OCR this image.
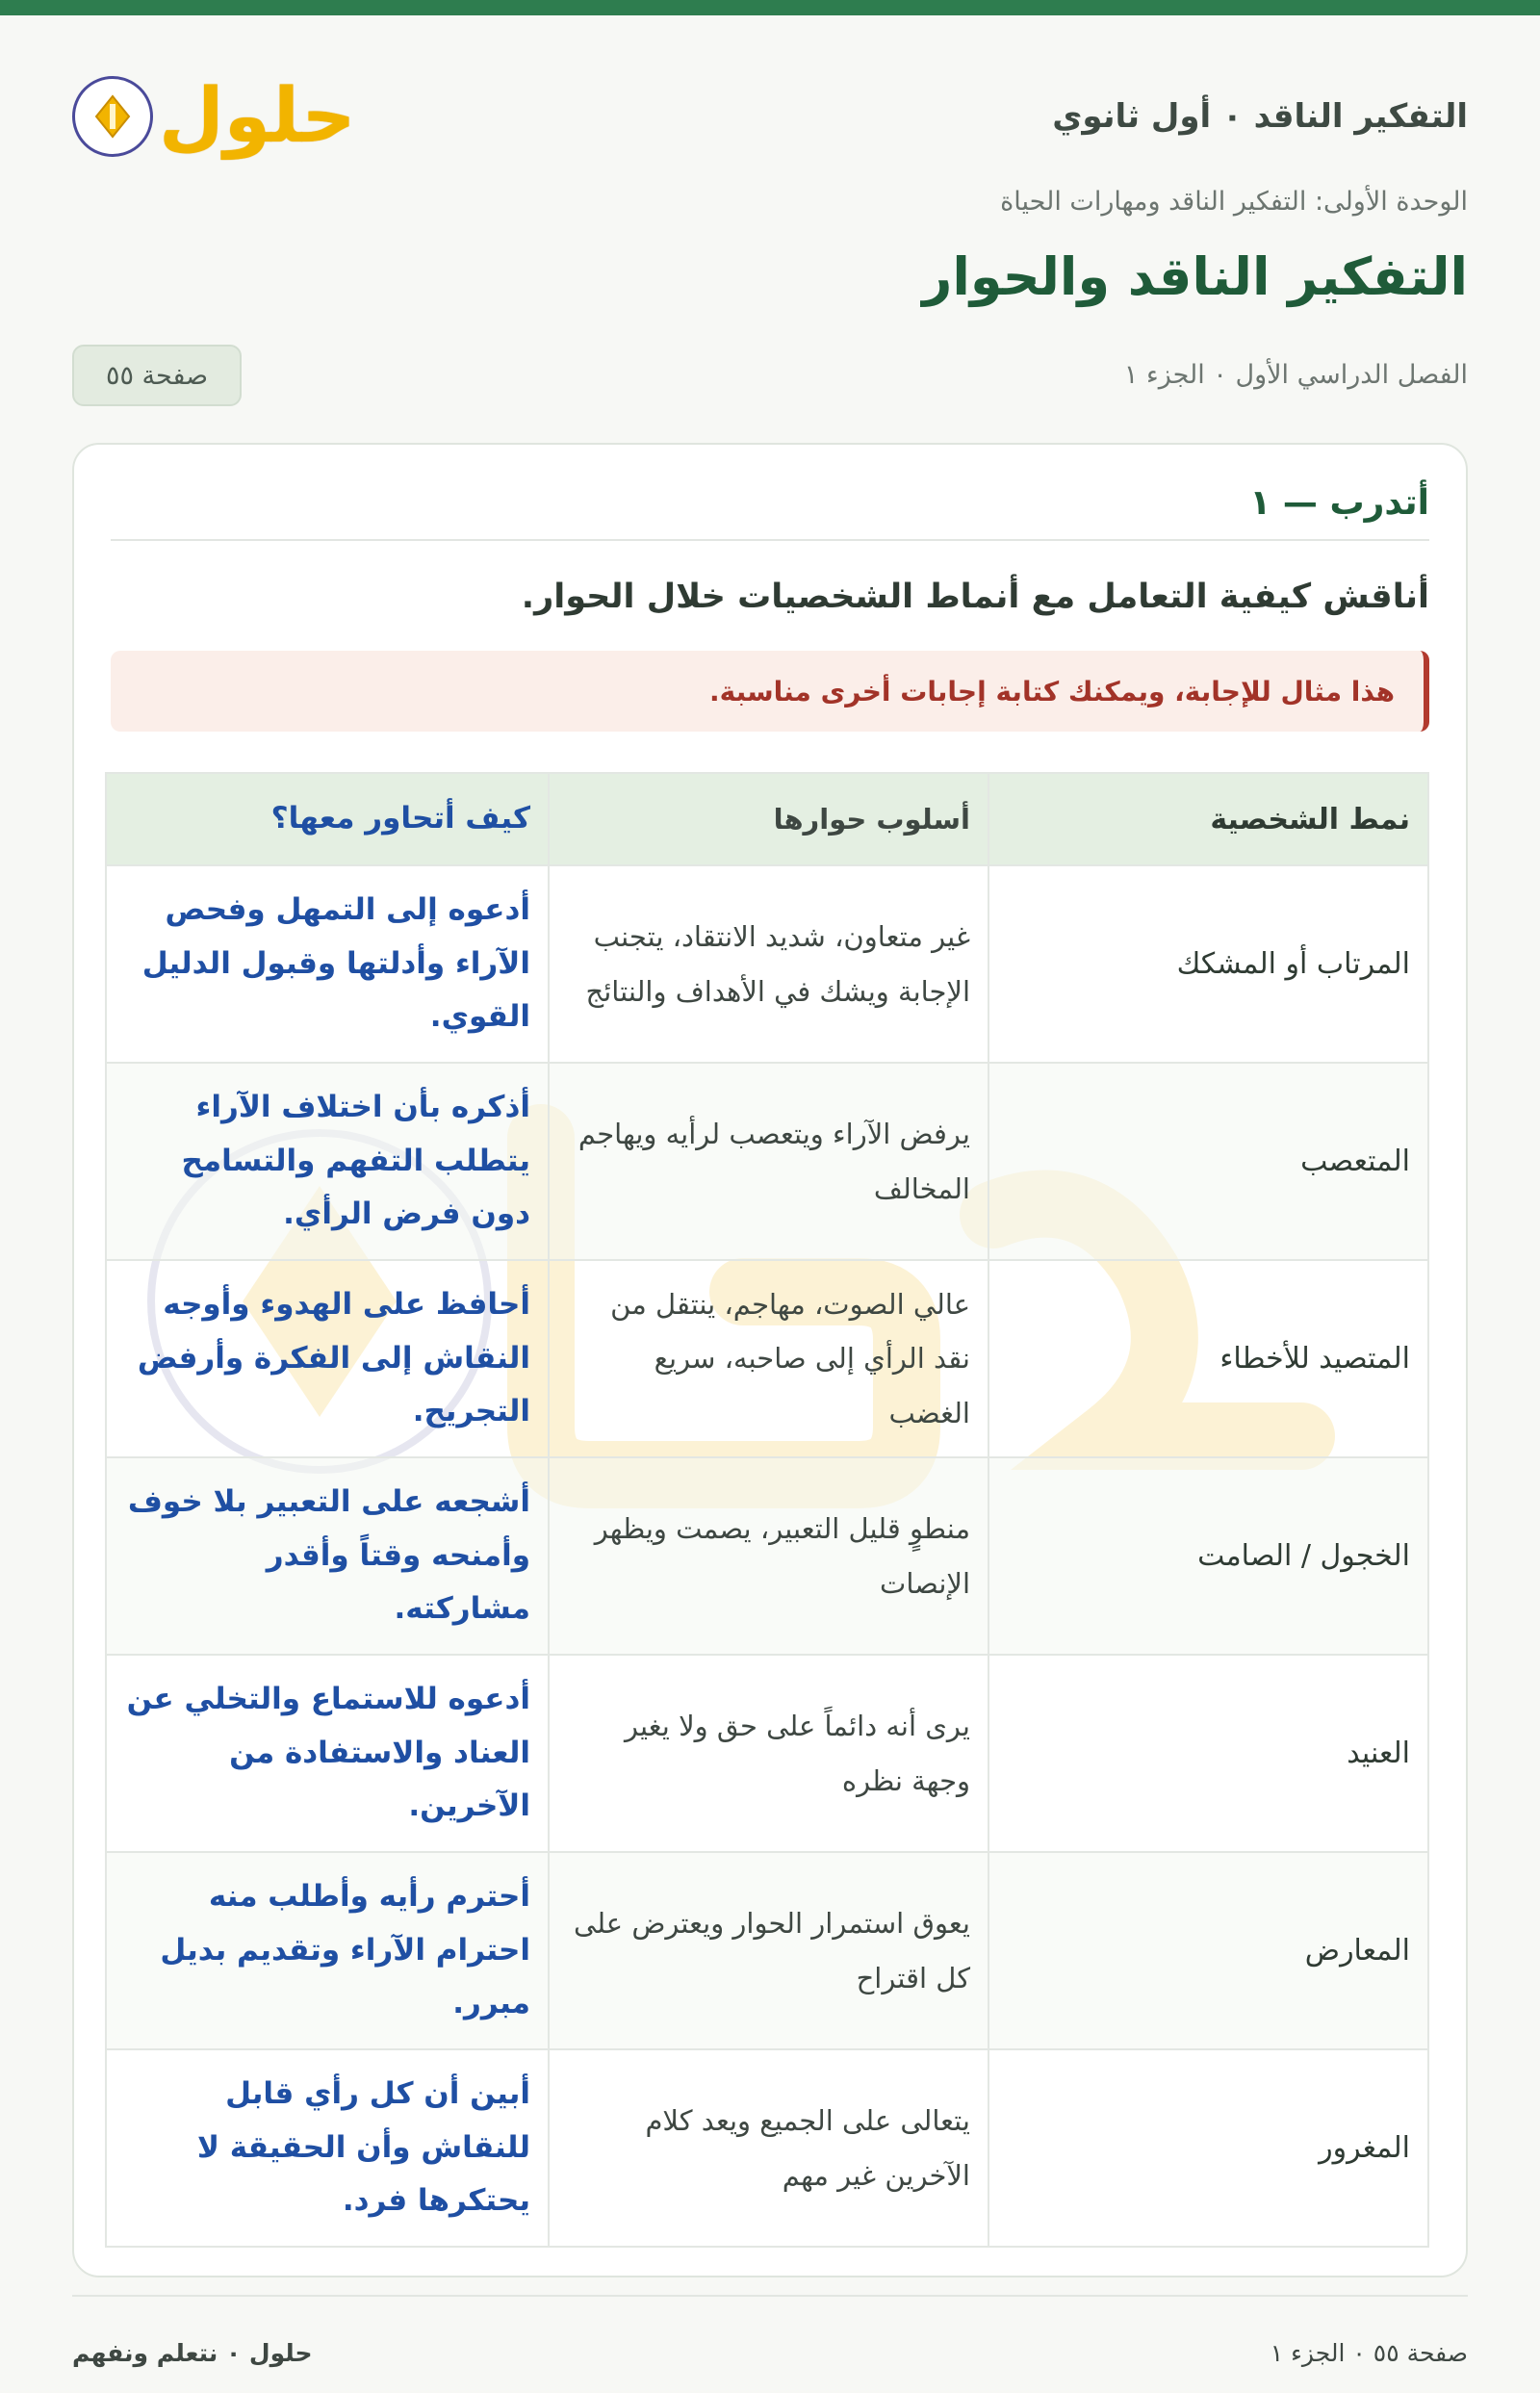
التفكير الناقد ٠ أول ثانوي
حلول
الوحدة الأولى: التفكير الناقد ومهارات الحياة
التفكير الناقد والحوار
الفصل الدراسي الأول ٠ الجزء ١
صفحة ٥٥
أتدرب — ١
أناقش كيفية التعامل مع أنماط الشخصيات خلال الحوار.
هذا مثال للإجابة، ويمكنك كتابة إجابات أخرى مناسبة.
نمط الشخصية	أسلوب حوارها	كيف أتحاور معها؟
المرتاب أو المشكك	غير متعاون، شديد الانتقاد، يتجنب الإجابة ويشك في الأهداف والنتائج	أدعوه إلى التمهل وفحص الآراء وأدلتها وقبول الدليل القوي.
المتعصب	يرفض الآراء ويتعصب لرأيه ويهاجم المخالف	أذكره بأن اختلاف الآراء يتطلب التفهم والتسامح دون فرض الرأي.
المتصيد للأخطاء	عالي الصوت، مهاجم، ينتقل من نقد الرأي إلى صاحبه، سريع الغضب	أحافظ على الهدوء وأوجه النقاش إلى الفكرة وأرفض التجريح.
الخجول / الصامت	منطوٍ قليل التعبير، يصمت ويظهر الإنصات	أشجعه على التعبير بلا خوف وأمنحه وقتاً وأقدر مشاركته.
العنيد	يرى أنه دائماً على حق ولا يغير وجهة نظره	أدعوه للاستماع والتخلي عن العناد والاستفادة من الآخرين.
المعارض	يعوق استمرار الحوار ويعترض على كل اقتراح	أحترم رأيه وأطلب منه احترام الآراء وتقديم بديل مبرر.
المغرور	يتعالى على الجميع ويعد كلام الآخرين غير مهم	أبين أن كل رأي قابل للنقاش وأن الحقيقة لا يحتكرها فرد.
صفحة ٥٥ ٠ الجزء ١
حلول ٠ نتعلم ونفهم
